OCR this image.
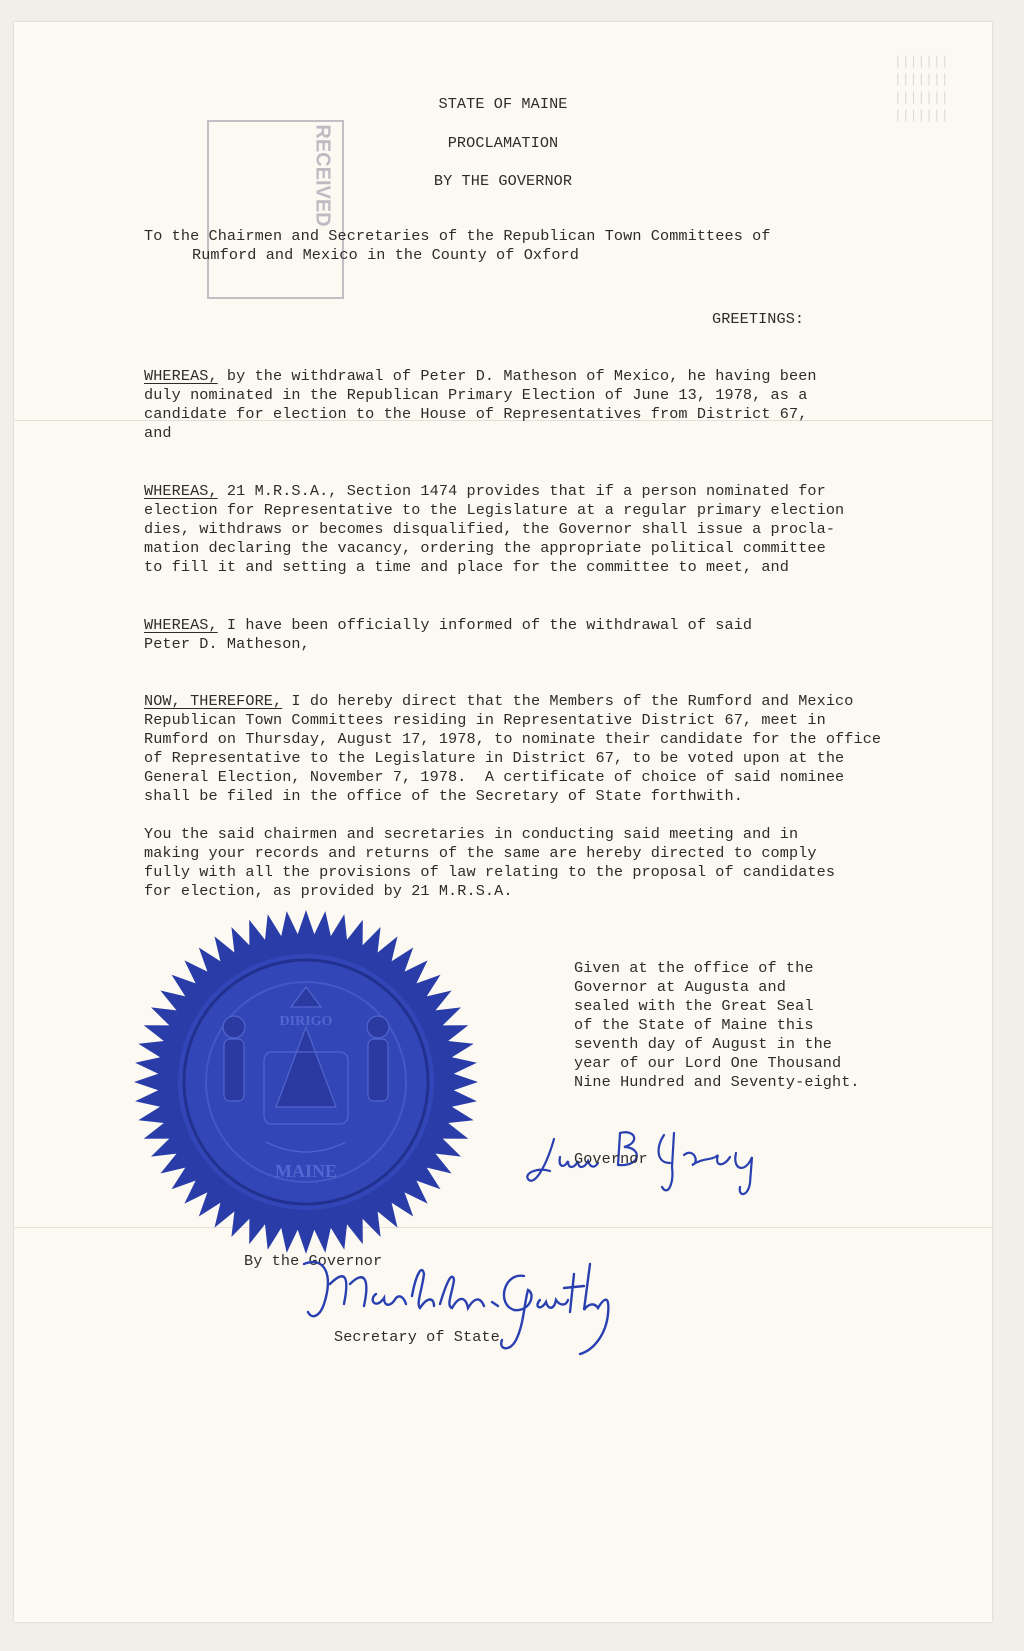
|||||||
|||||||
|||||||
|||||||
RECEIVED
STATE OF MAINE
PROCLAMATION
BY THE GOVERNOR
To the Chairmen and Secretaries of the Republican Town Committees of
Rumford and Mexico in the County of Oxford
GREETINGS:
WHEREAS, by the withdrawal of Peter D. Matheson of Mexico, he having been
duly nominated in the Republican Primary Election of June 13, 1978, as a
candidate for election to the House of Representatives from District 67,
and
WHEREAS, 21 M.R.S.A., Section 1474 provides that if a person nominated for
election for Representative to the Legislature at a regular primary election
dies, withdraws or becomes disqualified, the Governor shall issue a procla-
mation declaring the vacancy, ordering the appropriate political committee
to fill it and setting a time and place for the committee to meet, and
WHEREAS, I have been officially informed of the withdrawal of said
Peter D. Matheson,
NOW, THEREFORE, I do hereby direct that the Members of the Rumford and Mexico
Republican Town Committees residing in Representative District 67, meet in
Rumford on Thursday, August 17, 1978, to nominate their candidate for the office
of Representative to the Legislature in District 67, to be voted upon at the
General Election, November 7, 1978.  A certificate of choice of said nominee
shall be filed in the office of the Secretary of State forthwith.
You the said chairmen and secretaries in conducting said meeting and in
making your records and returns of the same are hereby directed to comply
fully with all the provisions of law relating to the proposal of candidates
for election, as provided by 21 M.R.S.A.
Given at the office of the
Governor at Augusta and
sealed with the Great Seal
of the State of Maine this
seventh day of August in the
year of our Lord One Thousand
Nine Hundred and Seventy-eight.
DIRIGO
MAINE
Governor
By the Governor
Secretary of State
